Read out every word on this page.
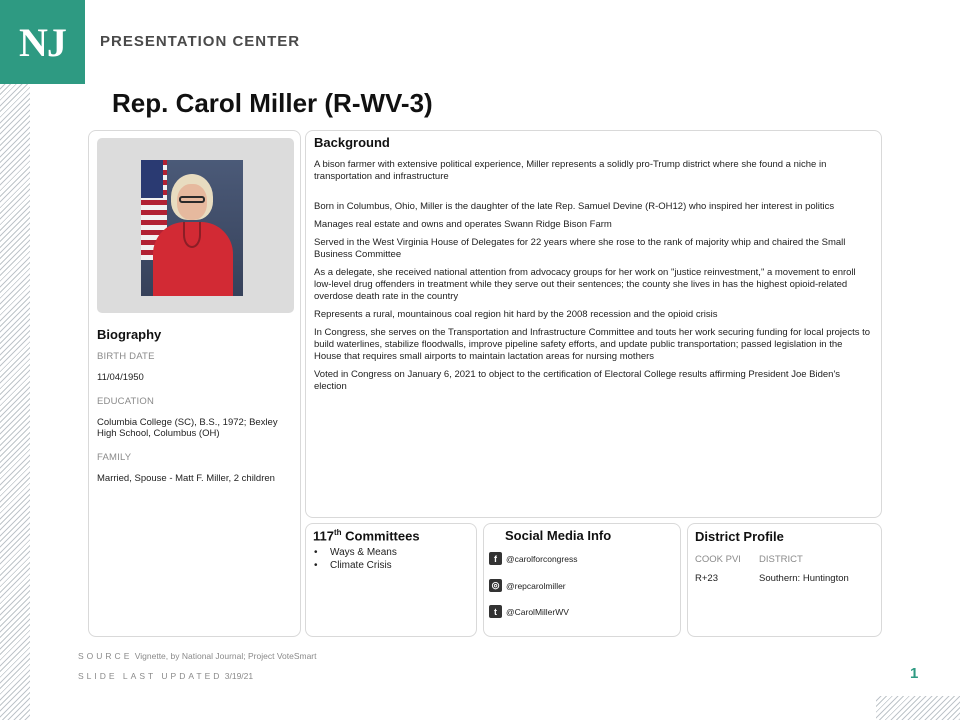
NJ	PRESENTATION CENTER
Rep. Carol Miller (R-WV-3)
Biography
BIRTH DATE
11/04/1950
EDUCATION
Columbia College (SC), B.S., 1972; Bexley High School, Columbus (OH)
FAMILY
Married, Spouse - Matt F. Miller, 2 children
Background

A bison farmer with extensive political experience, Miller represents a solidly pro-Trump district where she found a niche in transportation and infrastructure

Born in Columbus, Ohio, Miller is the daughter of the late Rep. Samuel Devine (R-OH12) who inspired her interest in politics

Manages real estate and owns and operates Swann Ridge Bison Farm

Served in the West Virginia House of Delegates for 22 years where she rose to the rank of majority whip and chaired the Small Business Committee

As a delegate, she received national attention from advocacy groups for her work on "justice reinvestment," a movement to enroll low-level drug offenders in treatment while they serve out their sentences; the county she lives in has the highest opioid-related overdose death rate in the country

Represents a rural, mountainous coal region hit hard by the 2008 recession and the opioid crisis

In Congress, she serves on the Transportation and Infrastructure Committee and touts her work securing funding for local projects to build waterlines, stabilize floodwalls, improve pipeline safety efforts, and update public transportation; passed legislation in the House that requires small airports to maintain lactation areas for nursing mothers

Voted in Congress on January 6, 2021 to object to the certification of Electoral College results affirming President Joe Biden's election

117th Committees
•	Ways & Means
•	Climate Crisis
Social Media Info
f	@carolforcongress
◎ @repcarolmiller
t	@CarolMillerWV
District Profile
COOK PVI	DISTRICT
R+23	Southern: Huntington
SOURCE Vignette, by National Journal; Project VoteSmart
SLIDE LAST UPDATED 3/19/21	1
